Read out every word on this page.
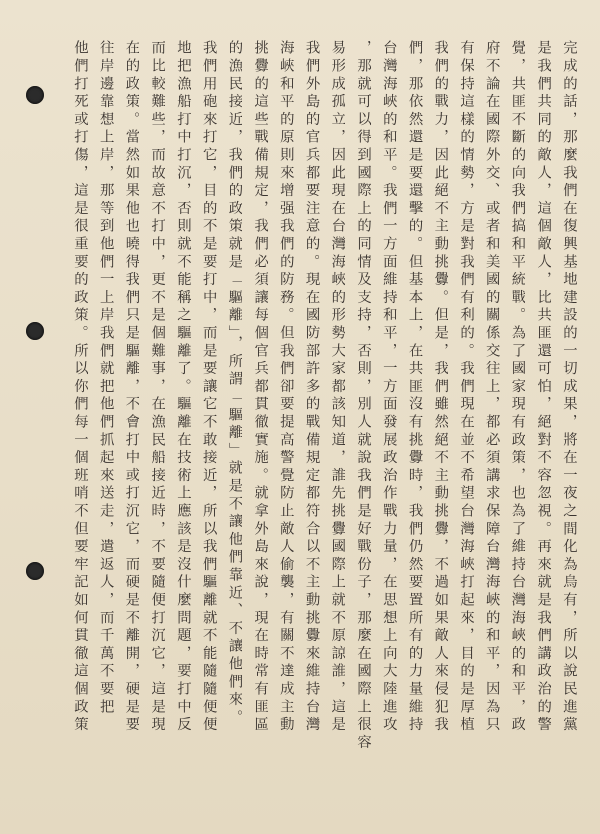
完成的話，那麼我們在復興基地建設的一切成果，將在一夜之間化為烏有，所以說民進黨
是我們共同的敵人，這個敵人，比共匪還可怕，絕對不容忽視。再來就是我們講政治的警
覺，共匪不斷的向我們搞和平統戰。為了國家現有政策，也為了維持台灣海峽的和平，政
府不論在國際外交、或者和美國的關係交往上，都必須講求保障台灣海峽的和平，因為只
有保持這樣的情勢，方是對我們有利的。我們現在並不希望台灣海峽打起來，目的是厚植
我們的戰力，因此絕不主動挑釁。但是，我們雖然絕不主動挑釁，不過如果敵人來侵犯我
們，那依然還是要還擊的。但基本上，在共匪沒有挑釁時，我們仍然要置所有的力量維持
台灣海峽的和平。我們一方面維持和平，一方面發展政治作戰力量，在思想上向大陸進攻
，那就可以得到國際上的同情及支持，否則，別人就說我們是好戰份子，那麼在國際上很容
易形成孤立，因此現在台灣海峽的形勢大家都該知道，誰先挑釁國際上就不原諒誰，這是
我們外島的官兵都要注意的。現在國防部許多的戰備規定都符合以不主動挑釁來維持台灣
海峽和平的原則來增强我們的防務。但我們卻要提高警覺防止敵人偷襲，有關不達成主動
挑釁的這些戰備規定，我們必須讓每個官兵都貫徹實施。就拿外島來說，現在時常有匪區
的漁民接近，我們的政策就是「驅離」，所謂「驅離」就是不讓他們靠近、不讓他們來。
我們用砲來打它，目的不是要打中，而是要讓它不敢接近，所以我們驅離就不能隨隨便便
地把漁船打中打沉，否則就不能稱之驅離了。驅離在技術上應該是沒什麼問題，要打中反
而比較難些，而故意不打中，更不是個難事，在漁民船接近時，不要隨便打沉它，這是現
在的政策。當然如果他也曉得我們只是驅離，不會打中或打沉它，而硬是不離開，硬是要
往岸邊靠想上岸，那等到他們一上岸我們就把他們抓起來送走，遣返人，而千萬不要把
他們打死或打傷，這是很重要的政策。所以你們每一個班哨不但要牢記如何貫徹這個政策
